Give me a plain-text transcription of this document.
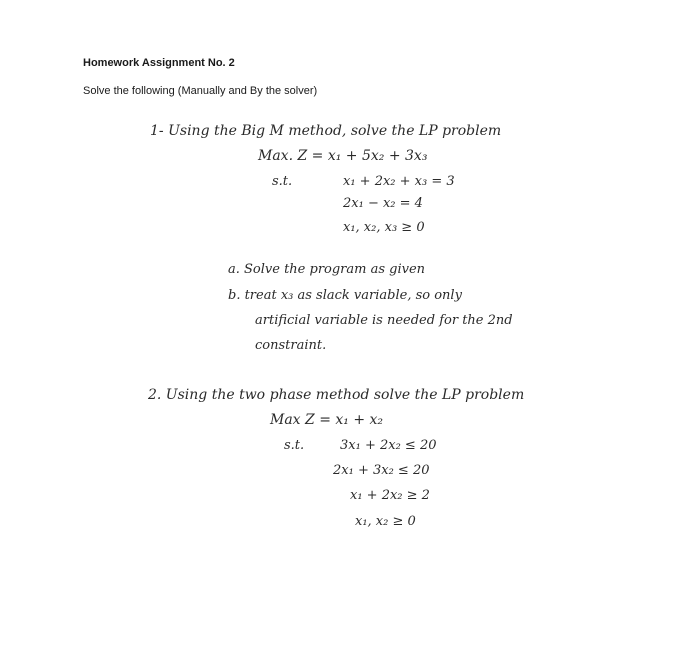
Homework Assignment No. 2
Solve the following (Manually and By the solver)
1- Using the Big M method, solve the LP problem
Max. Z = x₁ + 5x₂ + 3x₃
s.t.	x₁ + 2x₂ + x₃ = 3
2x₁ − x₂ = 4
x₁, x₂, x₃ ≥ 0
a. Solve the program as given
b. treat x₃ as slack variable, so only
artificial variable is needed for the 2nd
constraint.
2. Using the two phase method solve the LP problem
Max Z = x₁ + x₂
s.t.	3x₁ + 2x₂ ≤ 20
2x₁ + 3x₂ ≤ 20
x₁ + 2x₂ ≥ 2
x₁, x₂ ≥ 0
